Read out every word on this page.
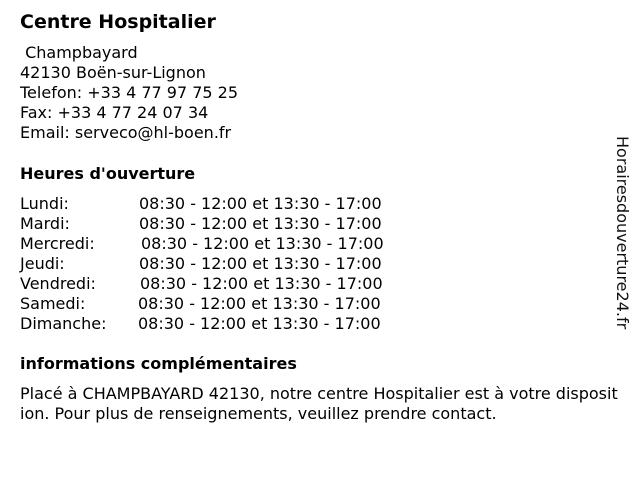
Centre Hospitalier
Champbayard
42130 Boën-sur-Lignon
Telefon: +33 4 77 97 75 25
Fax: +33 4 77 24 07 34
Email: serveco@hl-boen.fr
Heures d'ouverture
Lundi:	08:30 - 12:00 et 13:30 - 17:00
Mardi:	08:30 - 12:00 et 13:30 - 17:00
Mercredi:	08:30 - 12:00 et 13:30 - 17:00
Jeudi:	08:30 - 12:00 et 13:30 - 17:00
Vendredi:	08:30 - 12:00 et 13:30 - 17:00
Samedi:	08:30 - 12:00 et 13:30 - 17:00
Dimanche: 08:30 - 12:00 et 13:30 - 17:00
informations complémentaires

Placé à CHAMPBAYARD 42130, notre centre Hospitalier est à votre disposition. Pour plus de renseignements, veuillez prendre contact.

Horairesdouverture24.fr
